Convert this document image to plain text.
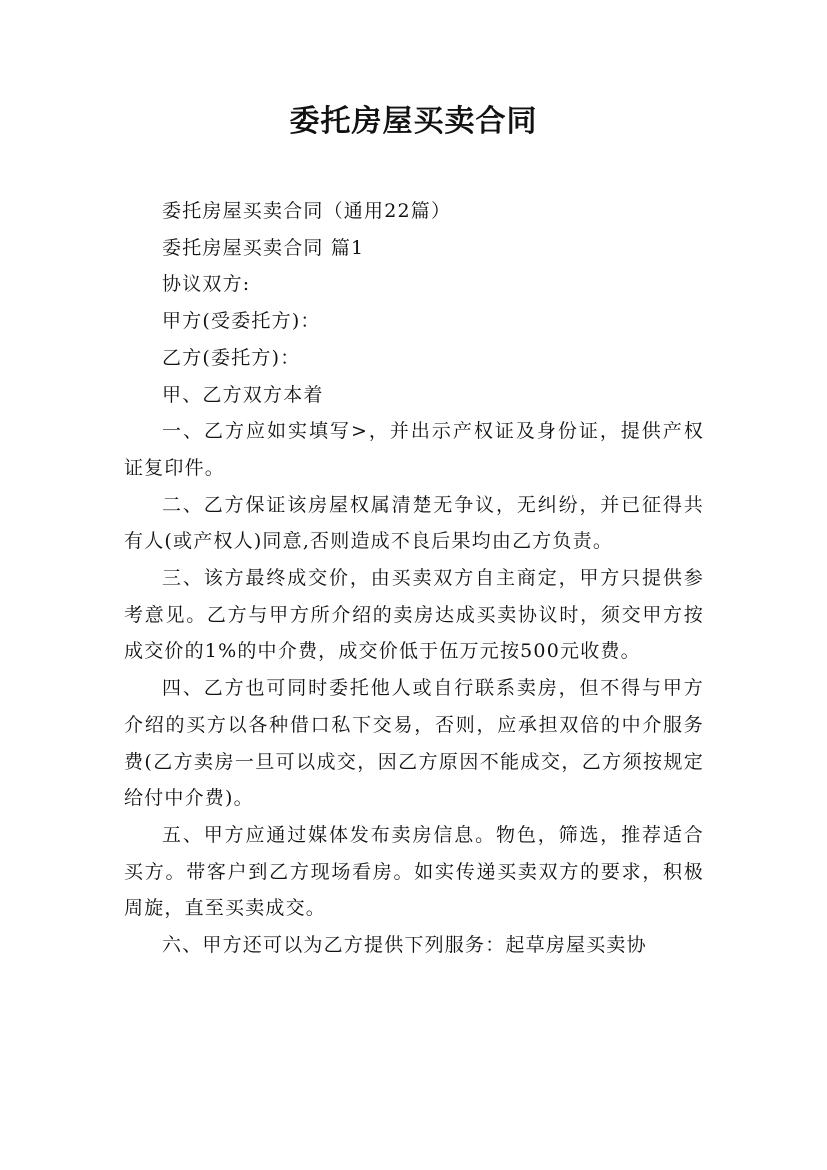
委托房屋买卖合同

委托房屋买卖合同（通用22篇）

委托房屋买卖合同 篇1

协议双方:

甲方(受委托方)：

乙方(委托方)：

甲、乙方双方本着

一、乙方应如实填写>，并出示产权证及身份证，提供产权证复印件。

二、乙方保证该房屋权属清楚无争议，无纠纷，并已征得共有人(或产权人)同意,否则造成不良后果均由乙方负责。

三、该方最终成交价，由买卖双方自主商定，甲方只提供参考意见。乙方与甲方所介绍的卖房达成买卖协议时，须交甲方按成交价的1%的中介费，成交价低于伍万元按500元收费。

四、乙方也可同时委托他人或自行联系卖房，但不得与甲方介绍的买方以各种借口私下交易，否则，应承担双倍的中介服务费(乙方卖房一旦可以成交，因乙方原因不能成交，乙方须按规定给付中介费)。

五、甲方应通过媒体发布卖房信息。物色，筛选，推荐适合买方。带客户到乙方现场看房。如实传递买卖双方的要求，积极周旋，直至买卖成交。

六、甲方还可以为乙方提供下列服务：起草房屋买卖协
